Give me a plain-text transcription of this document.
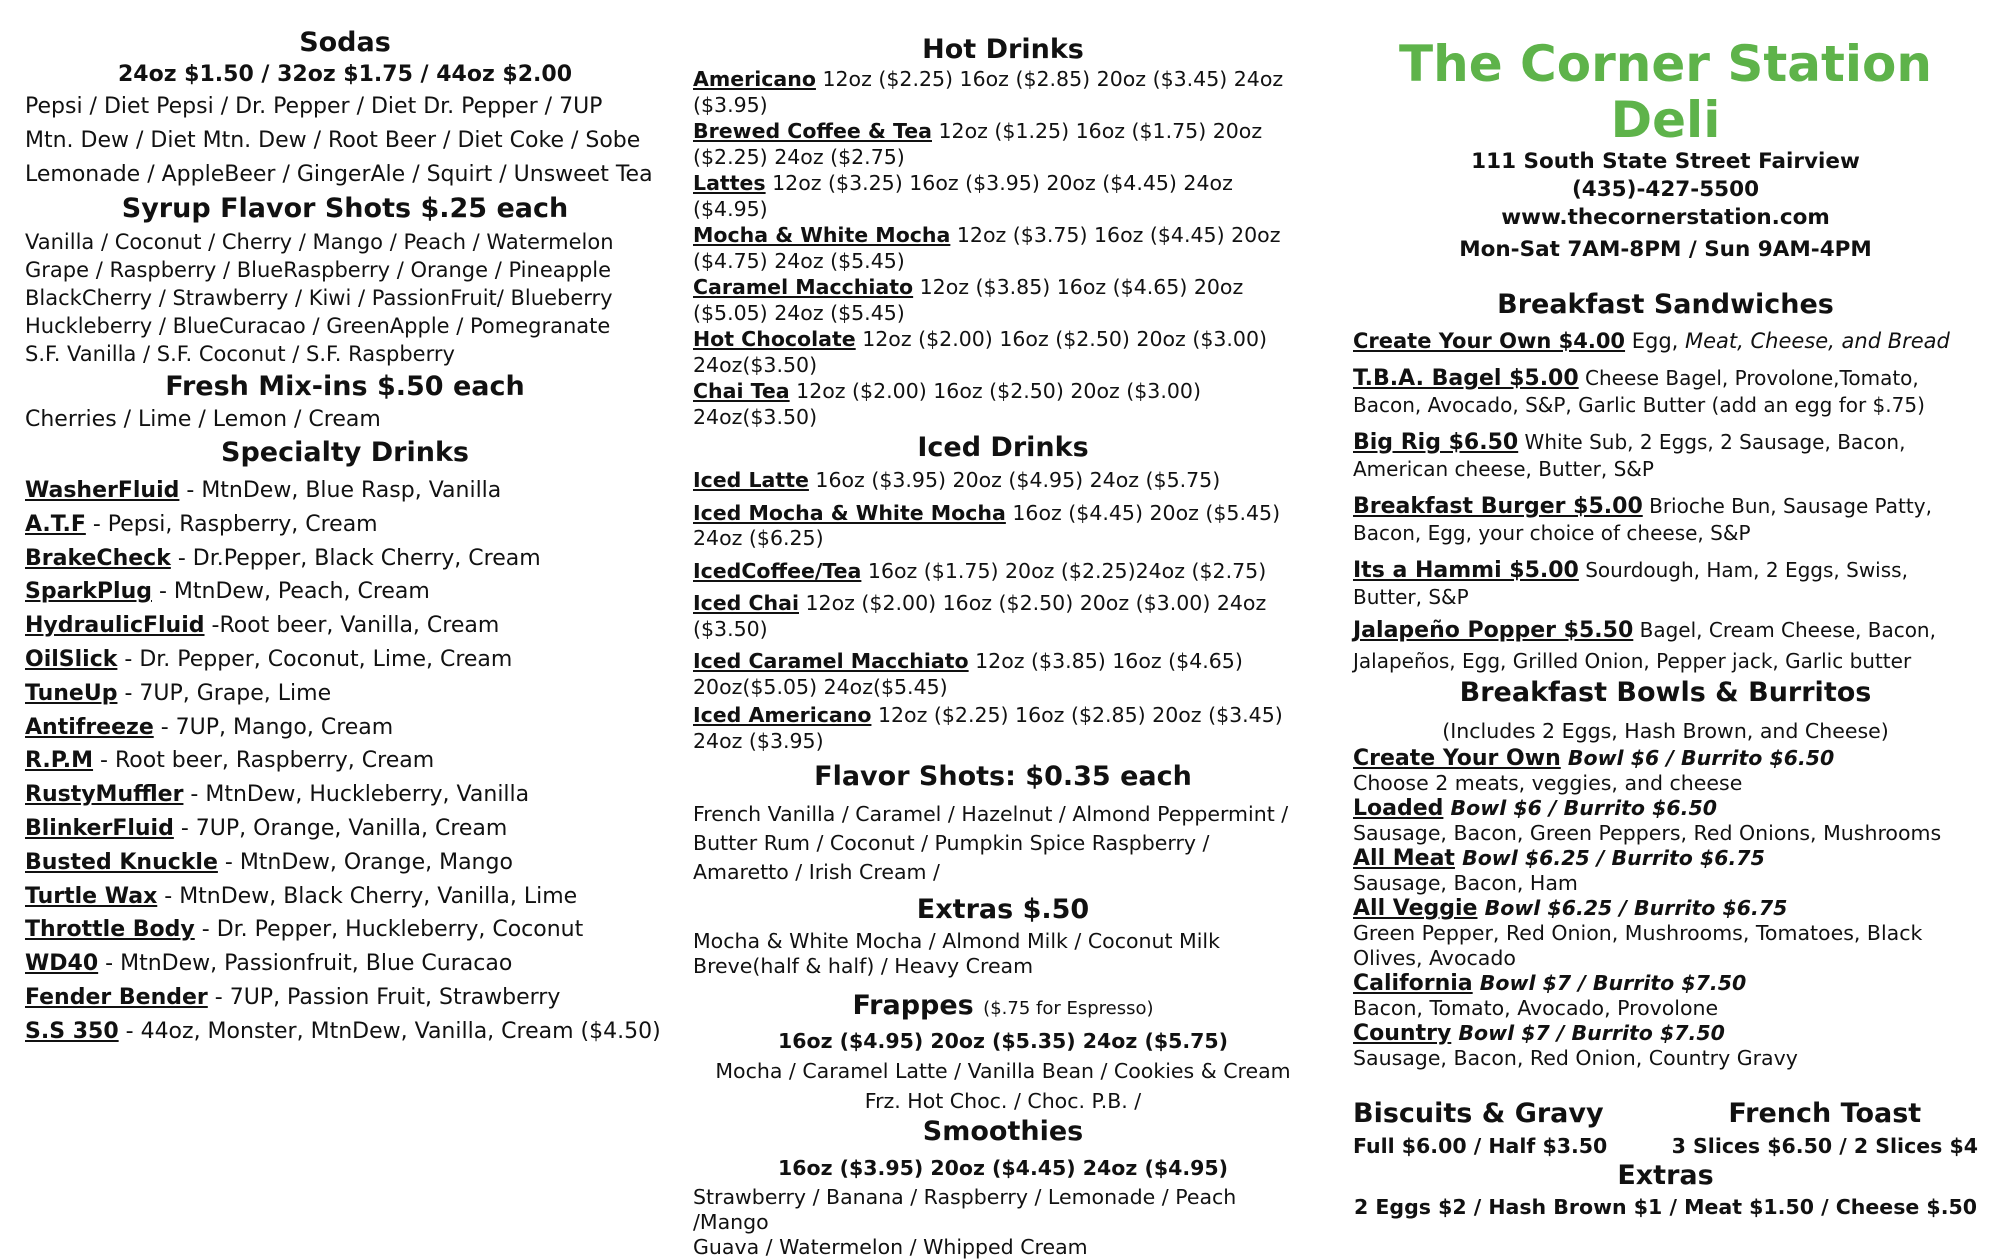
Sodas
24oz $1.50 / 32oz $1.75 / 44oz $2.00
Pepsi / Diet Pepsi / Dr. Pepper / Diet Dr. Pepper / 7UP
Mtn. Dew / Diet Mtn. Dew / Root Beer / Diet Coke / Sobe
Lemonade / AppleBeer / GingerAle / Squirt / Unsweet Tea
Syrup Flavor Shots $.25 each
Vanilla / Coconut / Cherry / Mango / Peach / Watermelon
Grape / Raspberry / BlueRaspberry / Orange / Pineapple
BlackCherry / Strawberry / Kiwi / PassionFruit/ Blueberry
Huckleberry / BlueCuracao / GreenApple / Pomegranate
S.F. Vanilla / S.F. Coconut / S.F. Raspberry
Fresh Mix-ins $.50 each
Cherries / Lime / Lemon / Cream
Specialty Drinks
WasherFluid - MtnDew, Blue Rasp, Vanilla
A.T.F - Pepsi, Raspberry, Cream
BrakeCheck - Dr.Pepper, Black Cherry, Cream
SparkPlug - MtnDew, Peach, Cream
HydraulicFluid -Root beer, Vanilla, Cream
OilSlick - Dr. Pepper, Coconut, Lime, Cream
TuneUp - 7UP, Grape, Lime
Antifreeze - 7UP, Mango, Cream
R.P.M - Root beer, Raspberry, Cream
RustyMuffler - MtnDew, Huckleberry, Vanilla
BlinkerFluid - 7UP, Orange, Vanilla, Cream
Busted Knuckle - MtnDew, Orange, Mango
Turtle Wax - MtnDew, Black Cherry, Vanilla, Lime
Throttle Body - Dr. Pepper, Huckleberry, Coconut
WD40 - MtnDew, Passionfruit, Blue Curacao
Fender Bender - 7UP, Passion Fruit, Strawberry
S.S 350 - 44oz, Monster, MtnDew, Vanilla, Cream ($4.50)
Hot Drinks
Americano 12oz ($2.25) 16oz ($2.85) 20oz ($3.45) 24oz ($3.95)
Brewed Coffee & Tea 12oz ($1.25) 16oz ($1.75) 20oz ($2.25) 24oz ($2.75)
Lattes 12oz ($3.25) 16oz ($3.95) 20oz ($4.45) 24oz ($4.95)
Mocha & White Mocha 12oz ($3.75) 16oz ($4.45) 20oz ($4.75) 24oz ($5.45)
Caramel Macchiato 12oz ($3.85) 16oz ($4.65) 20oz ($5.05) 24oz ($5.45)
Hot Chocolate 12oz ($2.00) 16oz ($2.50) 20oz ($3.00) 24oz($3.50)
Chai Tea 12oz ($2.00) 16oz ($2.50) 20oz ($3.00) 24oz($3.50)
Iced Drinks
Iced Latte 16oz ($3.95) 20oz ($4.95) 24oz ($5.75)
Iced Mocha & White Mocha 16oz ($4.45) 20oz ($5.45) 24oz ($6.25)
IcedCoffee/Tea 16oz ($1.75) 20oz ($2.25)24oz ($2.75)
Iced Chai 12oz ($2.00) 16oz ($2.50) 20oz ($3.00) 24oz ($3.50)
Iced Caramel Macchiato 12oz ($3.85) 16oz ($4.65) 20oz($5.05) 24oz($5.45)
Iced Americano 12oz ($2.25) 16oz ($2.85) 20oz ($3.45) 24oz ($3.95)
Flavor Shots: $0.35 each
French Vanilla / Caramel / Hazelnut / Almond Peppermint /
Butter Rum / Coconut / Pumpkin Spice Raspberry /
Amaretto / Irish Cream /
Extras $.50
Mocha & White Mocha / Almond Milk / Coconut Milk
Breve(half & half) / Heavy Cream
Frappes ($.75 for Espresso)
16oz ($4.95) 20oz ($5.35) 24oz ($5.75)
Mocha / Caramel Latte / Vanilla Bean / Cookies & Cream
Frz. Hot Choc. / Choc. P.B. /
Smoothies
16oz ($3.95) 20oz ($4.45) 24oz ($4.95)
Strawberry / Banana / Raspberry / Lemonade / Peach /Mango
Guava / Watermelon / Whipped Cream
The Corner Station Deli
111 South State Street Fairview
(435)-427-5500
www.thecornerstation.com
Mon-Sat 7AM-8PM / Sun 9AM-4PM
Breakfast Sandwiches
Create Your Own $4.00 Egg, Meat, Cheese, and Bread
T.B.A. Bagel $5.00 Cheese Bagel, Provolone,Tomato, Bacon, Avocado, S&P, Garlic Butter (add an egg for $.75)
Big Rig $6.50 White Sub, 2 Eggs, 2 Sausage, Bacon, American cheese, Butter, S&P
Breakfast Burger $5.00 Brioche Bun, Sausage Patty, Bacon, Egg, your choice of cheese, S&P
Its a Hammi $5.00 Sourdough, Ham, 2 Eggs, Swiss, Butter, S&P
Jalapeño Popper $5.50 Bagel, Cream Cheese, Bacon, Jalapeños, Egg, Grilled Onion, Pepper jack, Garlic butter
Breakfast Bowls & Burritos
(Includes 2 Eggs, Hash Brown, and Cheese)
Create Your Own Bowl $6 / Burrito $6.50
Choose 2 meats, veggies, and cheese
Loaded Bowl $6 / Burrito $6.50
Sausage, Bacon, Green Peppers, Red Onions, Mushrooms
All Meat Bowl $6.25 / Burrito $6.75
Sausage, Bacon, Ham
All Veggie Bowl $6.25 / Burrito $6.75
Green Pepper, Red Onion, Mushrooms, Tomatoes, Black Olives, Avocado
California Bowl $7 / Burrito $7.50
Bacon, Tomato, Avocado, Provolone
Country Bowl $7 / Burrito $7.50
Sausage, Bacon, Red Onion, Country Gravy
Biscuits & Gravy
Full $6.00 / Half $3.50
French Toast
3 Slices $6.50 / 2 Slices $4
Extras
2 Eggs $2 / Hash Brown $1 / Meat $1.50 / Cheese $.50
